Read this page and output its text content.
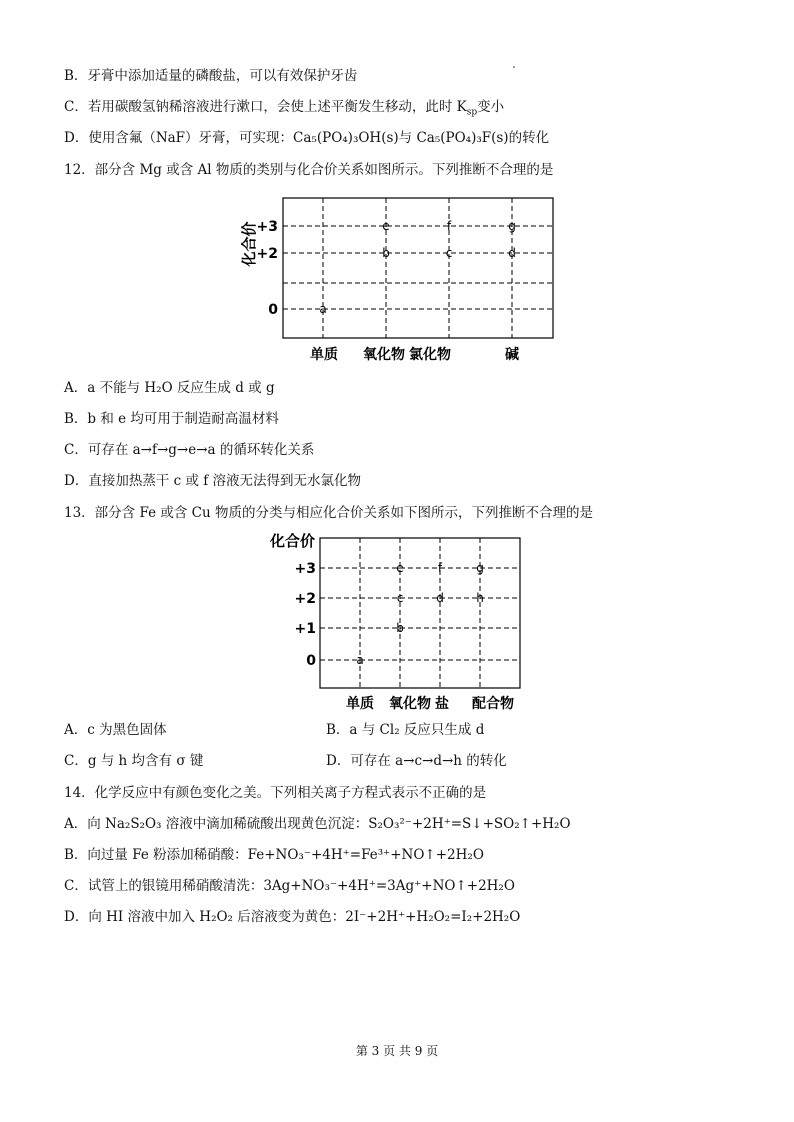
B．牙膏中添加适量的磷酸盐，可以有效保护牙齿
C．若用碳酸氢钠稀溶液进行漱口，会使上述平衡发生移动，此时 $K_{sp}$变小
D．使用含氟（NaF）牙膏，可实现：Ca₅(PO₄)₃OH(s)与 Ca₅(PO₄)₃F(s)的转化
12．部分含 Mg 或含 Al 物质的类别与化合价关系如图所示。下列推断不合理的是
化合价
+3
+2
0
单质 氧化物 氯化物	碱
a
e
b
f
c
g
d
A．a 不能与 H₂O 反应生成 d 或 g
B．b 和 e 均可用于制造耐高温材料
C．可存在 a→f→g→e→a 的循环转化关系
D．直接加热蒸干 c 或 f 溶液无法得到无水氯化物
13．部分含 Fe 或含 Cu 物质的分类与相应化合价关系如下图所示，下列推断不合理的是
化合价
+3
+2
+1
0
单质 氧化物 盐 配合物
a
e
c
b
f
d
g
h
A．c 为黑色固体	B．a 与 Cl₂ 反应只生成 d
C．g 与 h 均含有 σ 键	D．可存在 a→c→d→h 的转化
14．化学反应中有颜色变化之美。下列相关离子方程式表示不正确的是
A．向 Na₂S₂O₃ 溶液中滴加稀硫酸出现黄色沉淀：S₂O₃²⁻+2H⁺=S↓+SO₂↑+H₂O
B．向过量 Fe 粉添加稀硝酸：Fe+NO₃⁻+4H⁺=Fe³⁺+NO↑+2H₂O
C．试管上的银镜用稀硝酸清洗：3Ag+NO₃⁻+4H⁺=3Ag⁺+NO↑+2H₂O
D．向 HI 溶液中加入 H₂O₂ 后溶液变为黄色：2I⁻+2H⁺+H₂O₂=I₂+2H₂O
第 3 页 共 9 页
